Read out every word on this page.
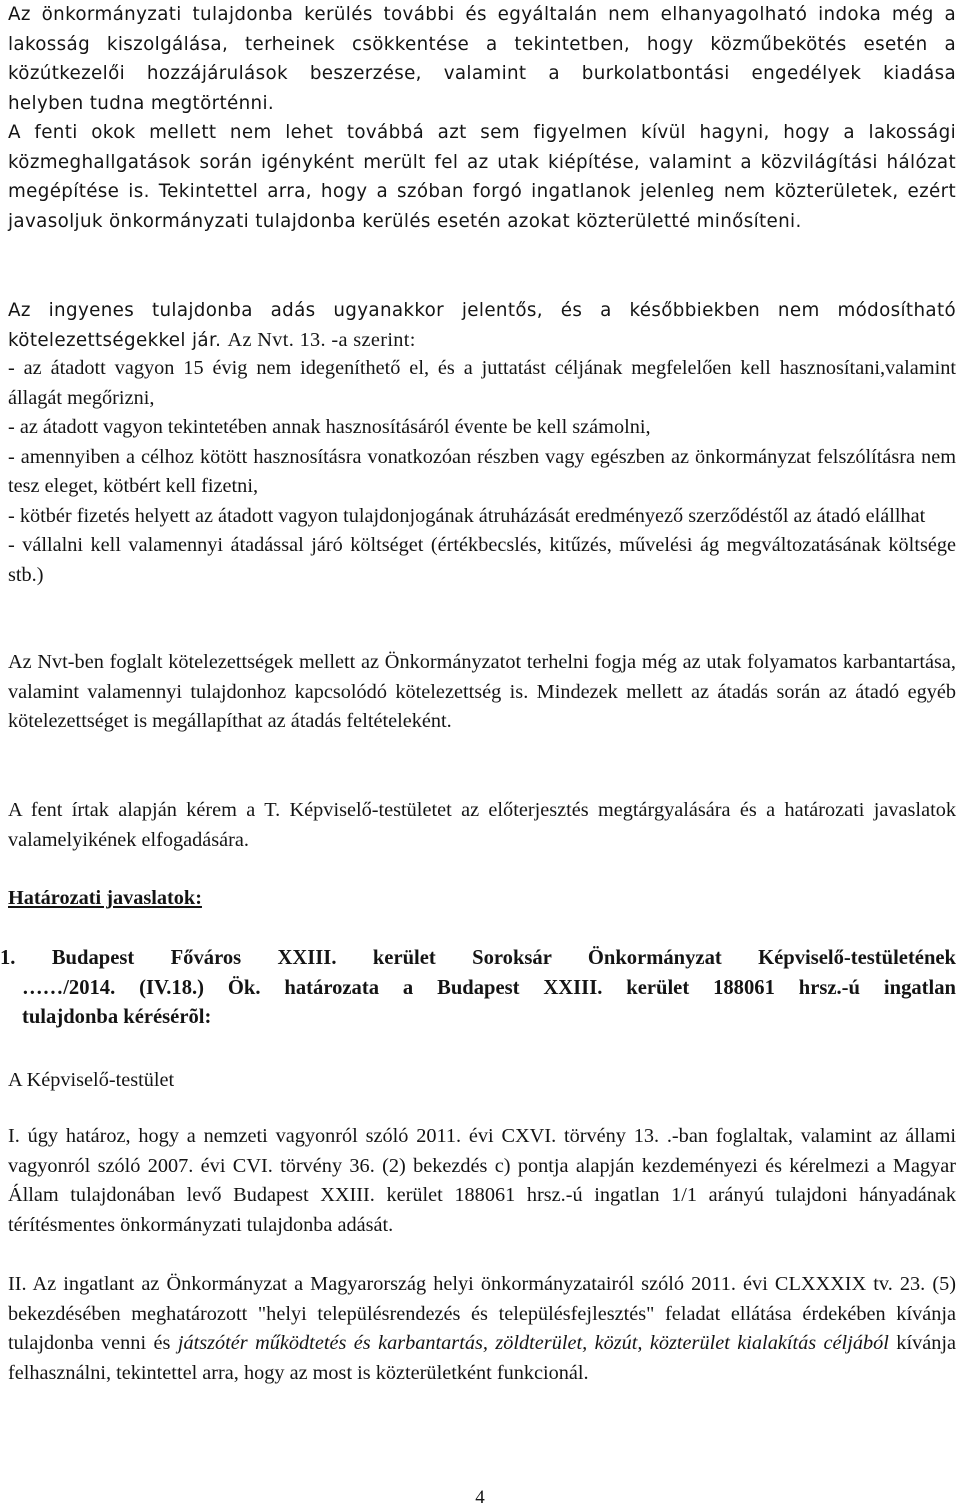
Az önkormányzati tulajdonba kerülés további és egyáltalán nem elhanyagolható indoka még a
lakosság kiszolgálása, terheinek csökkentése a tekintetben, hogy közműbekötés esetén a
közútkezelői hozzájárulások beszerzése, valamint a burkolatbontási engedélyek kiadása
helyben tudna megtörténni.
A fenti okok mellett nem lehet továbbá azt sem figyelmen kívül hagyni, hogy a lakossági közmeghallgatások során igényként merült fel az utak kiépítése, valamint a közvilágítási hálózat megépítése is. Tekintettel arra, hogy a szóban forgó ingatlanok jelenleg nem közterületek, ezért javasoljuk önkormányzati tulajdonba kerülés esetén azokat közterületté minősíteni.
Az ingyenes tulajdonba adás ugyanakkor jelentős, és a későbbiekben nem módosítható kötelezettségekkel jár. Az Nvt. 13. -a szerint:
- az átadott vagyon 15 évig nem idegeníthető el, és a juttatást céljának megfelelően kell hasznosítani,valamint állagát megőrizni,
- az átadott vagyon tekintetében annak hasznosításáról évente be kell számolni,
- amennyiben a célhoz kötött hasznosításra vonatkozóan részben vagy egészben az önkormányzat felszólításra nem tesz eleget, kötbért kell fizetni,
- kötbér fizetés helyett az átadott vagyon tulajdonjogának átruházását eredményező szerződéstől az átadó elállhat
- vállalni kell valamennyi átadással járó költséget (értékbecslés, kitűzés, művelési ág megváltozatásának költsége stb.)
Az Nvt-ben foglalt kötelezettségek mellett az Önkormányzatot terhelni fogja még az utak folyamatos karbantartása, valamint valamennyi tulajdonhoz kapcsolódó kötelezettség is. Mindezek mellett az átadás során az átadó egyéb kötelezettséget is megállapíthat az átadás feltételeként.
A fent írtak alapján kérem a T. Képviselő-testületet az előterjesztés megtárgyalására és a határozati javaslatok valamelyikének elfogadására.
Határozati javaslatok:
1. Budapest Főváros XXIII. kerület Soroksár Önkormányzat Képviselő-testületének
……/2014. (IV.18.) Ök. határozata a Budapest XXIII. kerület 188061 hrsz.-ú ingatlan
tulajdonba kérésérõl:
A Képviselő-testület
I. úgy határoz, hogy a nemzeti vagyonról szóló 2011. évi CXVI. törvény 13. .-ban foglaltak, valamint az állami vagyonról szóló 2007. évi CVI. törvény 36. (2) bekezdés c) pontja alapján kezdeményezi és kérelmezi a Magyar Állam tulajdonában levő Budapest XXIII. kerület 188061 hrsz.-ú ingatlan 1/1 arányú tulajdoni hányadának térítésmentes önkormányzati tulajdonba adását.
II. Az ingatlant az Önkormányzat a Magyarország helyi önkormányzatairól szóló 2011. évi CLXXXIX tv. 23. (5) bekezdésében meghatározott "helyi településrendezés és településfejlesztés" feladat ellátása érdekében kívánja tulajdonba venni és játszótér működtetés és karbantartás, zöldterület, közút, közterület kialakítás céljából kívánja felhasználni, tekintettel arra, hogy az most is közterületként funkcionál.
4
